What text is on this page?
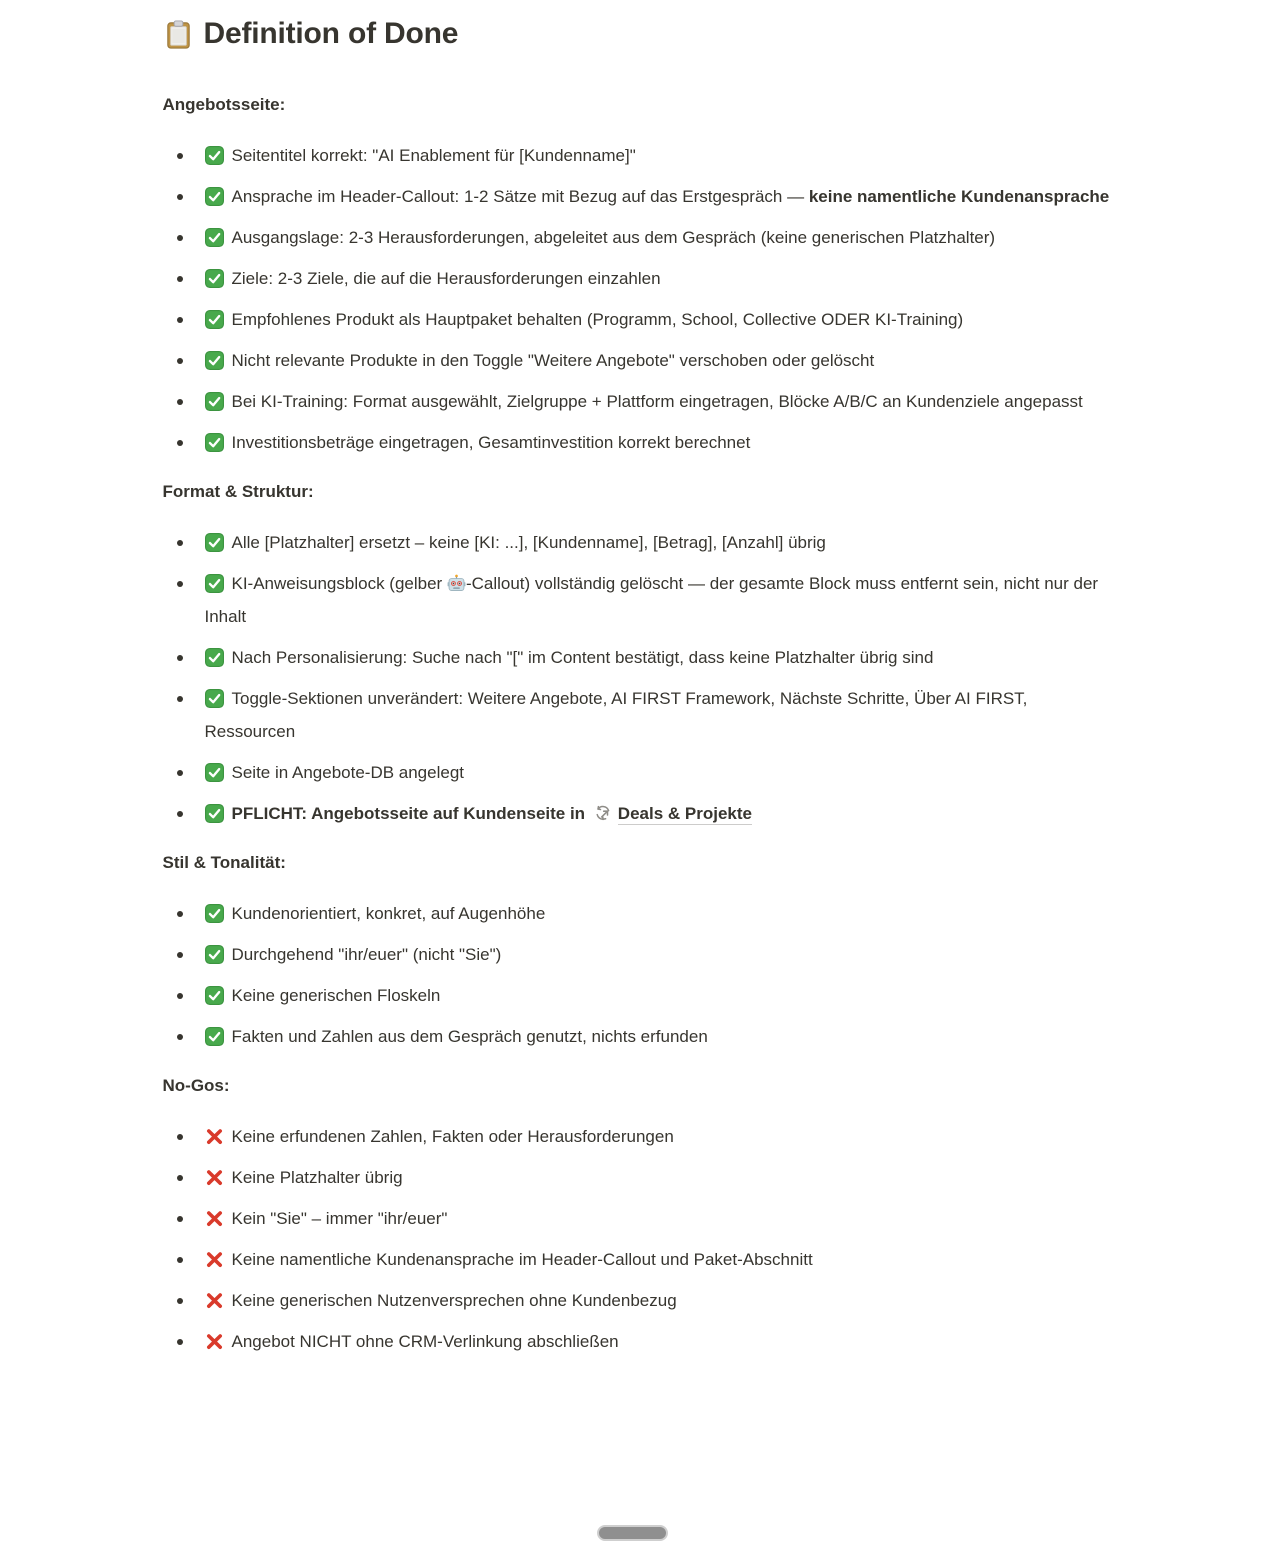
Definition of Done
Angebotsseite:
Seitentitel korrekt: "AI Enablement für [Kundenname]"
Ansprache im Header-Callout: 1-2 Sätze mit Bezug auf das Erstgespräch — keine namentliche Kundenansprache
Ausgangslage: 2-3 Herausforderungen, abgeleitet aus dem Gespräch (keine generischen Platzhalter)
Ziele: 2-3 Ziele, die auf die Herausforderungen einzahlen
Empfohlenes Produkt als Hauptpaket behalten (Programm, School, Collective ODER KI-Training)
Nicht relevante Produkte in den Toggle "Weitere Angebote" verschoben oder gelöscht
Bei KI-Training: Format ausgewählt, Zielgruppe + Plattform eingetragen, Blöcke A/B/C an Kundenziele angepasst
Investitionsbeträge eingetragen, Gesamtinvestition korrekt berechnet
Format & Struktur:
Alle [Platzhalter] ersetzt – keine [KI: ...], [Kundenname], [Betrag], [Anzahl] übrig
KI-Anweisungsblock (gelber -Callout) vollständig gelöscht — der gesamte Block muss entfernt sein, nicht nur der Inhalt
Nach Personalisierung: Suche nach "[" im Content bestätigt, dass keine Platzhalter übrig sind
Toggle-Sektionen unverändert: Weitere Angebote, AI FIRST Framework, Nächste Schritte, Über AI FIRST, Ressourcen
Seite in Angebote-DB angelegt
PFLICHT: Angebotsseite auf Kundenseite in Deals & Projekte
Stil & Tonalität:
Kundenorientiert, konkret, auf Augenhöhe
Durchgehend "ihr/euer" (nicht "Sie")
Keine generischen Floskeln
Fakten und Zahlen aus dem Gespräch genutzt, nichts erfunden
No-Gos:
Keine erfundenen Zahlen, Fakten oder Herausforderungen
Keine Platzhalter übrig
Kein "Sie" – immer "ihr/euer"
Keine namentliche Kundenansprache im Header-Callout und Paket-Abschnitt
Keine generischen Nutzenversprechen ohne Kundenbezug
Angebot NICHT ohne CRM-Verlinkung abschließen
